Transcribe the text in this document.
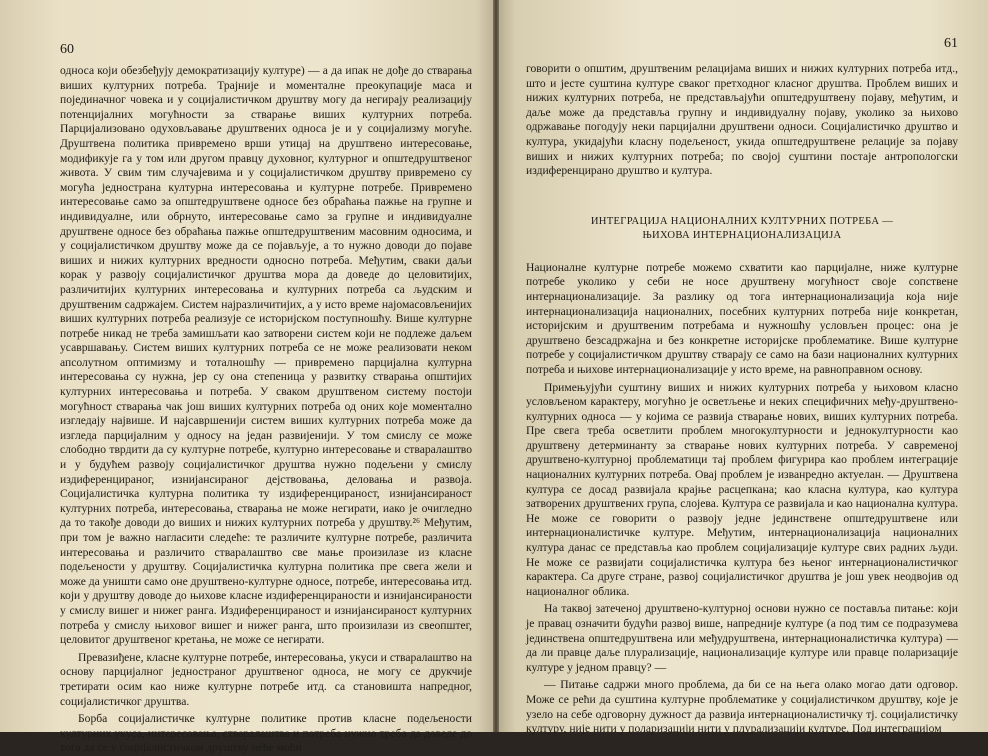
60

односа који обезбеђују демократизацију културе) — а да ипак не дође до стварања виших културних потреба. Трајније и моменталне преокупације маса и појединачног човека и у социјалистичком друштву могу да негирају реализацију потенцијалних могућности за стварање виших културних потреба. Парцијализовано одуховљавање друштвених односа је и у социјализму могуће. Друштвена политика привремено врши утицај на друштвено интересовање, модификује га у том или другом правцу духовног, културног и општедруштвеног живота. У свим тим случајевима и у социјалистичком друштву привремено су могућа једнострана културна интересовања и културне потребе. Привремено интересовање само за општедруштвене односе без обраћања пажње на групне и индивидуалне, или обрнуто, интересовање само за групне и индивидуалне друштвене односе без обраћања пажње општедруштвеним масовним односима, и у социјалистичком друштву може да се појављује, а то нужно доводи до појаве виших и нижих културних вредности односно потреба. Међутим, сваки даљи корак у развоју социјалистичког друштва мора да доведе до целовитијих, различитијих културних интересовања и културних потреба са људским и друштвеним садржајем. Систем најразличитијих, а у исто време најомасовљенијих виших културних потреба реализује се историјском поступношћу. Више културне потребе никад не треба замишљати као затворени систем који не подлеже даљем усавршавању. Систем виших културних потреба се не може реализовати неком апсолутном оптимизму и тоталношћу — привремено парцијална културна интересовања су нужна, јер су она степеница у развитку стварања општијих културних интересовања и потреба. У сваком друштвеном систему постоји могућност стварања чак још виших културних потреба од оних које моментално изгледају највише. И најсавршенији систем виших културних потреба може да изгледа парцијалним у односу на један развијенији. У том смислу се може слободно тврдити да су културне потребе, културно интересовање и стваралаштво и у будућем развоју социјалистичког друштва нужно подељени у смислу издиференцираног, изнијансираног дејствовања, деловања и развоја. Социјалистичка културна политика ту издиференцираност, изнијансираност културних потреба, интересовања, стварања не може негирати, иако је очигледно да то такође доводи до виших и нижих културних потреба у друштву.²⁶ Међутим, при том је важно нагласити следеће: те различите културне потребе, различита интересовања и различито стваралаштво све мање произилазе из класне подељености у друштву. Социјалистичка културна политика пре свега жели и може да уништи само оне друштвено-културне односе, потребе, интересовања итд. који у друштву доводе до њихове класне издиференцираности и изнијансираности у смислу вишег и нижег ранга. Издиференцираност и изнијансираност културних потреба у смислу њиховог вишег и нижег ранга, што произилази из свеопштег, целовитог друштвеног кретања, не може се негирати.

Превазиђене, класне културне потребе, интересовања, укуси и стваралаштво на основу парцијалног једностраног друштвеног односа, не могу се друкчије третирати осим као ниже културне потребе итд. са становишта напредног, социјалистичког друштва.

Борба социјалистичке културне политике против класне подељености културних укуса, интересовања, стваралаштва и потреба нужно треба да доведе до тога да се у социјалистичком друштву неће моћи

61

говорити о општим, друштвеним релацијама виших и нижих културних потреба итд., што и јесте суштина културе сваког претходног класног друштва. Проблем виших и нижих културних потреба, не представљајући општедруштвену појаву, међутим, и даље може да представља групну и индивидуалну појаву, уколико за њихово одржавање погодују неки парцијални друштвени односи. Социјалистичко друштво и култура, укидајући класну подељеност, укида општедруштвене релације за појаву виших и нижих културних потреба; по својој суштини постаје антропологски издиференцирано друштво и култура.

ИНТЕГРАЦИЈА НАЦИОНАЛНИХ КУЛТУРНИХ ПОТРЕБА —
ЊИХОВА ИНТЕРНАЦИОНАЛИЗАЦИЈА

Националне културне потребе можемо схватити као парцијалне, ниже културне потребе уколико у себи не носе друштвену могућност своје сопствене интернационализације. За разлику од тога интернационализација која није интернационализација националних, посебних културних потреба није конкретан, историјским и друштвеним потребама и нужношћу условљен процес: она је друштвено безсадржајна и без конкретне историјске проблематике. Више културне потребе у социјалистичком друштву стварају се само на бази националних културних потреба и њихове интернационализације у исто време, на равноправном основу.

Примењујући суштину виших и нижих културних потреба у њиховом класно условљеном карактеру, могућно је осветљење и неких специфичних међу-друштвено-културних односа — у којима се развија стварање нових, виших културних потреба. Пре свега треба осветлити проблем многокултурности и једнокултурности као друштвену детерминанту за стварање нових културних потреба. У савременој друштвено-културној проблематици тај проблем фигурира као проблем интеграције националних културних потреба. Овај проблем је изванредно актуелан. — Друштвена култура се досад развијала крајње расцепкана; као класна култура, као култура затворених друштвених група, слојева. Култура се развијала и као национална култура. Не може се говорити о развоју једне јединствене општедруштвене или интернационалистичке културе. Међутим, интернационализација националних култура данас се представља као проблем социјализације културе свих радних људи. Не може се развијати социјалистичка култура без њеног интернационалистичког карактера. Са друге стране, развој социјалистичког друштва је још увек неодвојив од националног облика.

На таквој затеченој друштвено-културној основи нужно се поставља питање: који је правац означити будући развој више, напредније културе (а под тим се подразумева јединствена општедруштвена или међудруштвена, интернационалистичка култура) — да ли правце даље плурализације, национализације културе или правце поларизације културе у једном правцу? —

— Питање садржи много проблема, да би се на њега олако могао дати одговор. Може се рећи да суштина културне проблематике у социјалистичком друштву, које је узело на себе одговорну дужност да развија интернационалистичку тј. социјалистичку културу, није нити у поларизацији нити у плурализацији културе. Под интеграцијом
